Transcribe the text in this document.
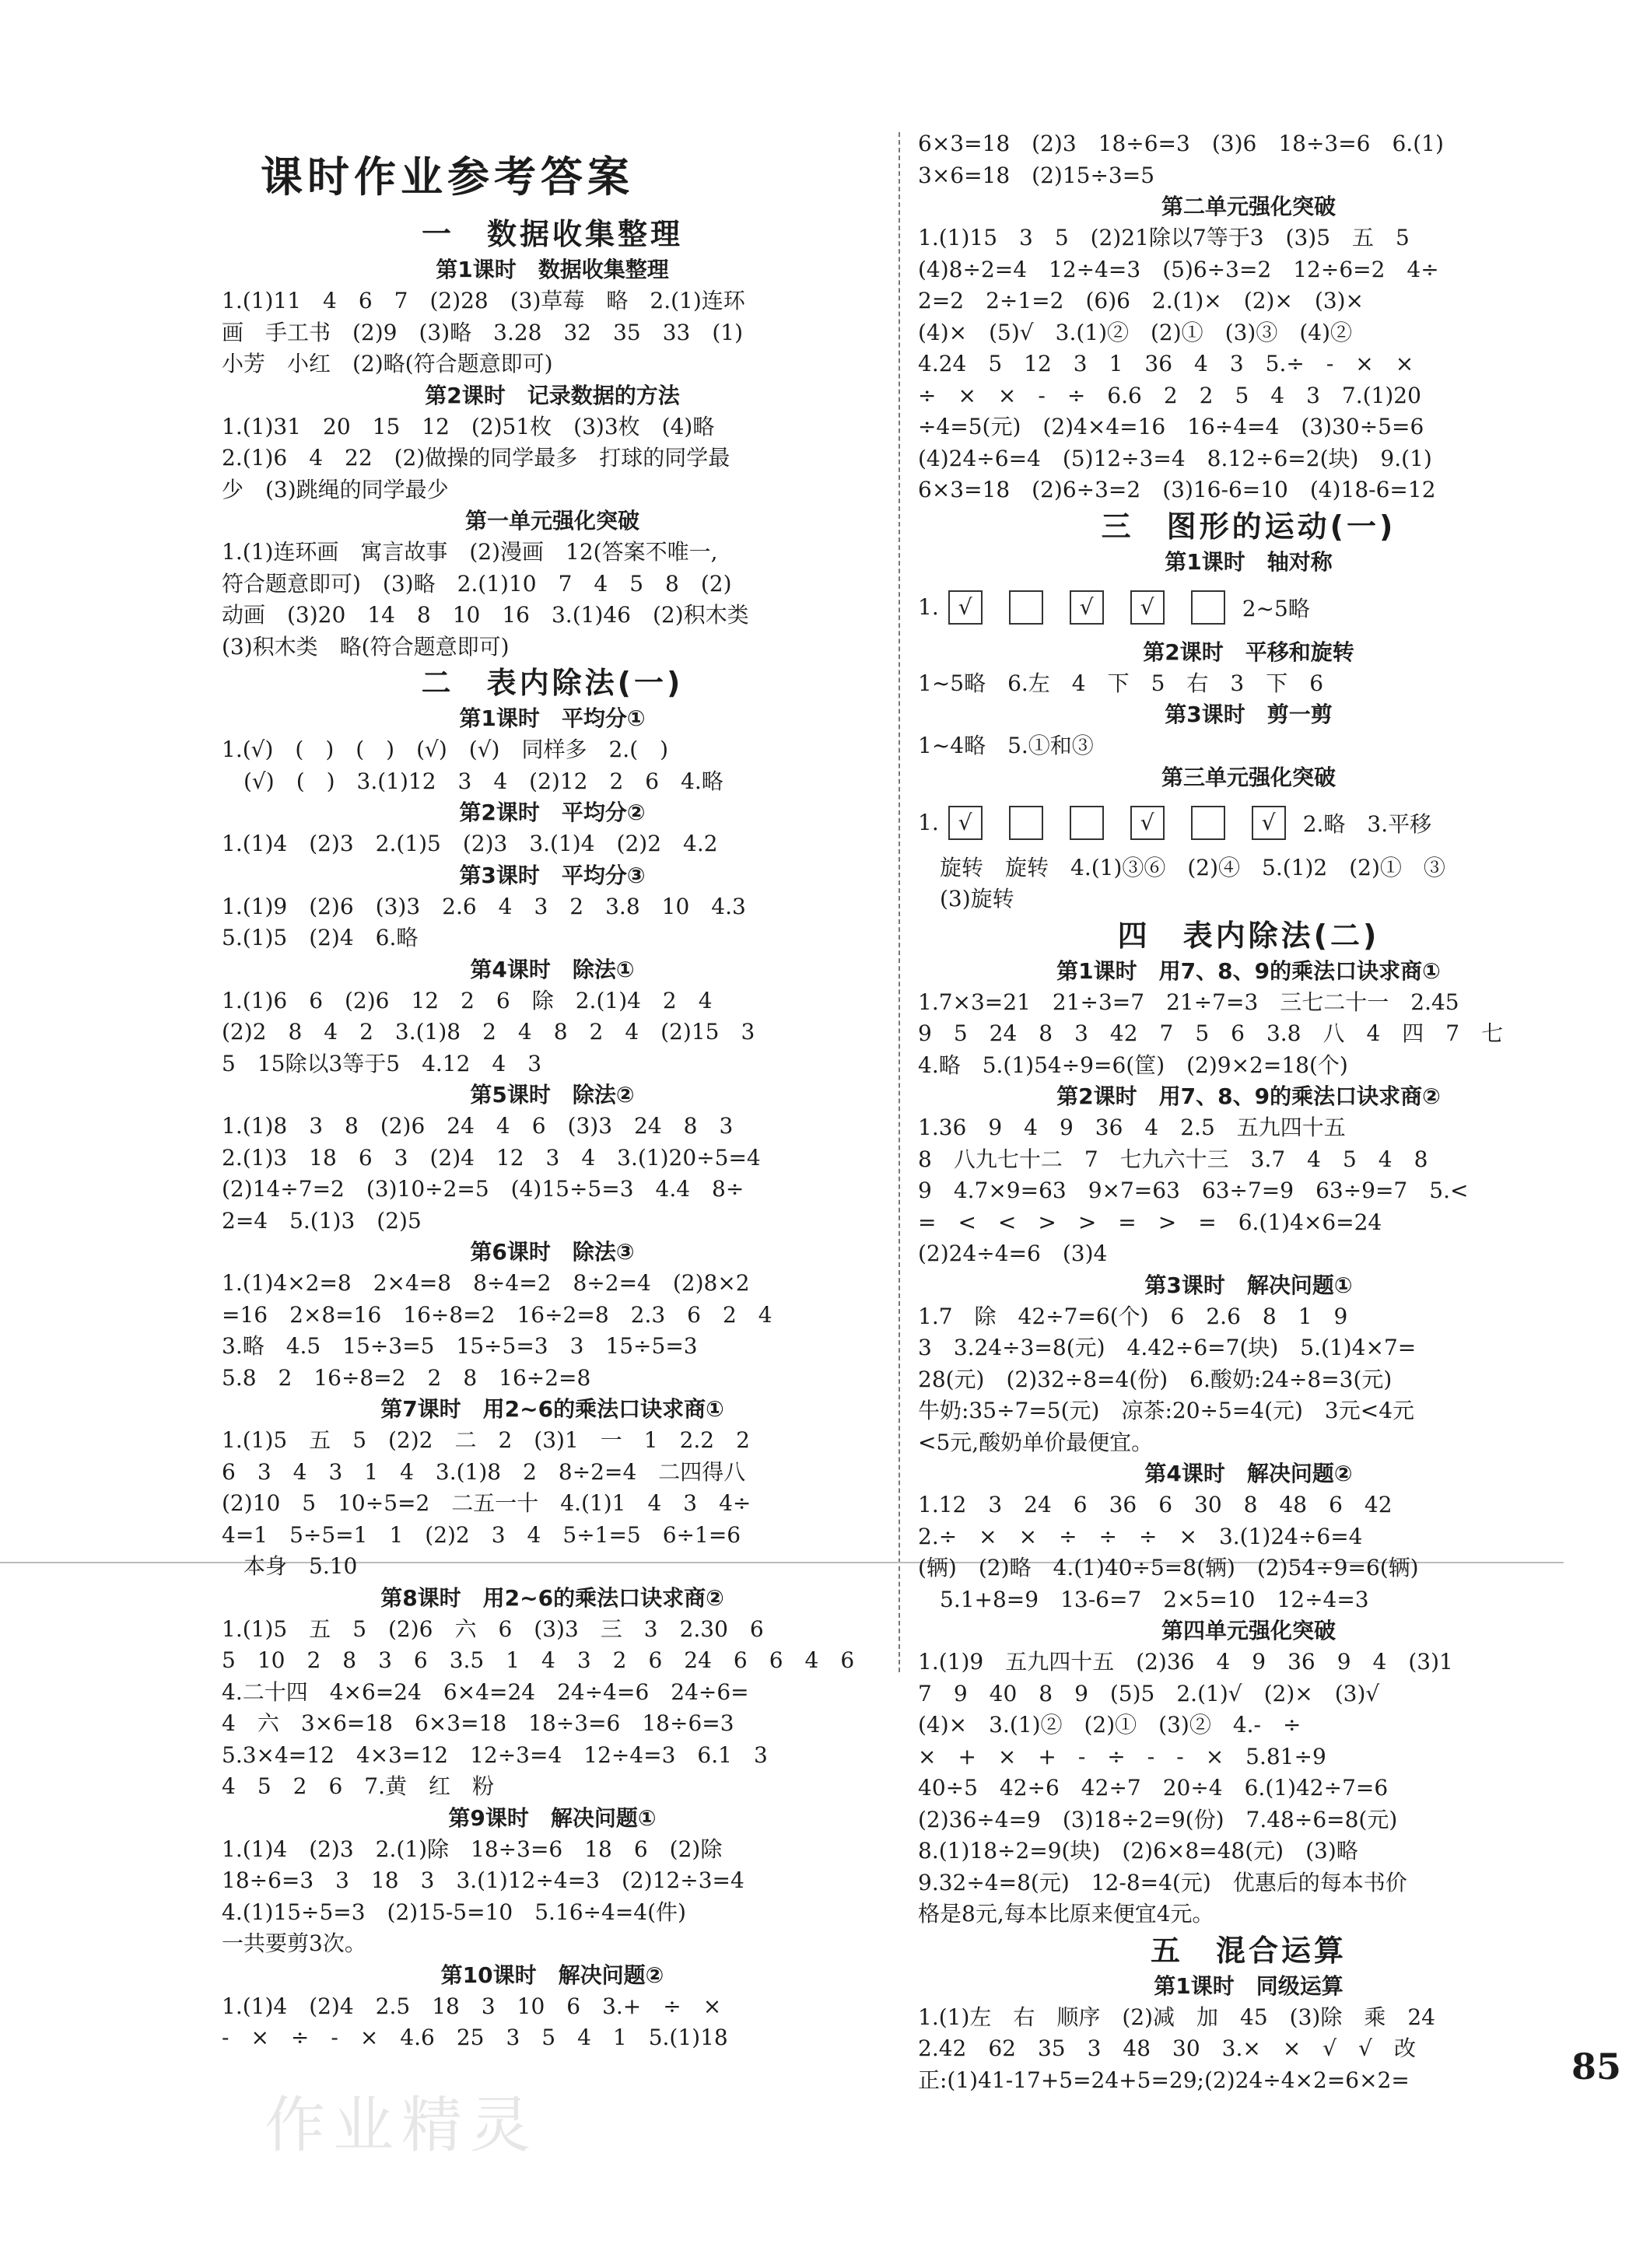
课时作业参考答案
一　数据收集整理
第1课时　数据收集整理
1.(1)11　4　6　7　(2)28　(3)草莓　略　2.(1)连环
画　手工书　(2)9　(3)略　3.28　32　35　33　(1)
小芳　小红　(2)略(符合题意即可)
第2课时　记录数据的方法
1.(1)31　20　15　12　(2)51枚　(3)3枚　(4)略
2.(1)6　4　22　(2)做操的同学最多　打球的同学最
少　(3)跳绳的同学最少
第一单元强化突破
1.(1)连环画　寓言故事　(2)漫画　12(答案不唯一,
符合题意即可)　(3)略　2.(1)10　7　4　5　8　(2)
动画　(3)20　14　8　10　16　3.(1)46　(2)积木类
(3)积木类　略(符合题意即可)
二　表内除法(一)
第1课时　平均分①
1.(√)　(　)　(　)　(√)　(√)　同样多　2.(　)
　(√)　(　)　3.(1)12　3　4　(2)12　2　6　4.略
第2课时　平均分②
1.(1)4　(2)3　2.(1)5　(2)3　3.(1)4　(2)2　4.2
第3课时　平均分③
1.(1)9　(2)6　(3)3　2.6　4　3　2　3.8　10　4.3
5.(1)5　(2)4　6.略
第4课时　除法①
1.(1)6　6　(2)6　12　2　6　除　2.(1)4　2　4
(2)2　8　4　2　3.(1)8　2　4　8　2　4　(2)15　3
5　15除以3等于5　4.12　4　3
第5课时　除法②
1.(1)8　3　8　(2)6　24　4　6　(3)3　24　8　3
2.(1)3　18　6　3　(2)4　12　3　4　3.(1)20÷5=4
(2)14÷7=2　(3)10÷2=5　(4)15÷5=3　4.4　8÷
2=4　5.(1)3　(2)5
第6课时　除法③
1.(1)4×2=8　2×4=8　8÷4=2　8÷2=4　(2)8×2
=16　2×8=16　16÷8=2　16÷2=8　2.3　6　2　4
3.略　4.5　15÷3=5　15÷5=3　3　15÷5=3
5.8　2　16÷8=2　2　8　16÷2=8
第7课时　用2~6的乘法口诀求商①
1.(1)5　五　5　(2)2　二　2　(3)1　一　1　2.2　2
6　3　4　3　1　4　3.(1)8　2　8÷2=4　二四得八
(2)10　5　10÷5=2　二五一十　4.(1)1　4　3　4÷
4=1　5÷5=1　1　(2)2　3　4　5÷1=5　6÷1=6
　本身　5.10
第8课时　用2~6的乘法口诀求商②
1.(1)5　五　5　(2)6　六　6　(3)3　三　3　2.30　6
5　10　2　8　3　6　3.5　1　4　3　2　6　24　6　6　4　6
4.二十四　4×6=24　6×4=24　24÷4=6　24÷6=
4　六　3×6=18　6×3=18　18÷3=6　18÷6=3
5.3×4=12　4×3=12　12÷3=4　12÷4=3　6.1　3
4　5　2　6　7.黄　红　粉
第9课时　解决问题①
1.(1)4　(2)3　2.(1)除　18÷3=6　18　6　(2)除
18÷6=3　3　18　3　3.(1)12÷4=3　(2)12÷3=4
4.(1)15÷5=3　(2)15-5=10　5.16÷4=4(件)
一共要剪3次。
第10课时　解决问题②
1.(1)4　(2)4　2.5　18　3　10　6　3.+　÷　×
-　×　÷　-　×　4.6　25　3　5　4　1　5.(1)18
6×3=18　(2)3　18÷6=3　(3)6　18÷3=6　6.(1)
3×6=18　(2)15÷3=5
第二单元强化突破
1.(1)15　3　5　(2)21除以7等于3　(3)5　五　5
(4)8÷2=4　12÷4=3　(5)6÷3=2　12÷6=2　4÷
2=2　2÷1=2　(6)6　2.(1)×　(2)×　(3)×
(4)×　(5)√　3.(1)②　(2)①　(3)③　(4)②
4.24　5　12　3　1　36　4　3　5.÷　-　×　×
÷　×　×　-　÷　6.6　2　2　5　4　3　7.(1)20
÷4=5(元)　(2)4×4=16　16÷4=4　(3)30÷5=6
(4)24÷6=4　(5)12÷3=4　8.12÷6=2(块)　9.(1)
6×3=18　(2)6÷3=2　(3)16-6=10　(4)18-6=12
三　图形的运动(一)
第1课时　轴对称
1. √	√	√	2~5略
第2课时　平移和旋转
1~5略　6.左　4　下　5　右　3　下　6
第3课时　剪一剪
1~4略　5.①和③
第三单元强化突破
1. √	√	√	2.略　3.平移
　旋转　旋转　4.(1)③⑥　(2)④　5.(1)2　(2)①　③
　(3)旋转
四　表内除法(二)
第1课时　用7、8、9的乘法口诀求商①
1.7×3=21　21÷3=7　21÷7=3　三七二十一　2.45
9　5　24　8　3　42　7　5　6　3.8　八　4　四　7　七
4.略　5.(1)54÷9=6(筐)　(2)9×2=18(个)
第2课时　用7、8、9的乘法口诀求商②
1.36　9　4　9　36　4　2.5　五九四十五
8　八九七十二　7　七九六十三　3.7　4　5　4　8
9　4.7×9=63　9×7=63　63÷7=9　63÷9=7　5.<
=　<　<　>　>　=　>　=　6.(1)4×6=24
(2)24÷4=6　(3)4
第3课时　解决问题①
1.7　除　42÷7=6(个)　6　2.6　8　1　9
3　3.24÷3=8(元)　4.42÷6=7(块)　5.(1)4×7=
28(元)　(2)32÷8=4(份)　6.酸奶:24÷8=3(元)
牛奶:35÷7=5(元)　凉茶:20÷5=4(元)　3元<4元
<5元,酸奶单价最便宜。
第4课时　解决问题②
1.12　3　24　6　36　6　30　8　48　6　42
2.÷　×　×　÷　÷　÷　×　3.(1)24÷6=4
(辆)　(2)略　4.(1)40÷5=8(辆)　(2)54÷9=6(辆)
　5.1+8=9　13-6=7　2×5=10　12÷4=3
第四单元强化突破
1.(1)9　五九四十五　(2)36　4　9　36　9　4　(3)1
7　9　40　8　9　(5)5　2.(1)√　(2)×　(3)√
(4)×　3.(1)②　(2)①　(3)②　4.-　÷
×　+　×　+　-　÷　-　-　×　5.81÷9
40÷5　42÷6　42÷7　20÷4　6.(1)42÷7=6
(2)36÷4=9　(3)18÷2=9(份)　7.48÷6=8(元)
8.(1)18÷2=9(块)　(2)6×8=48(元)　(3)略
9.32÷4=8(元)　12-8=4(元)　优惠后的每本书价
格是8元,每本比原来便宜4元。
五　混合运算
第1课时　同级运算
1.(1)左　右　顺序　(2)减　加　45　(3)除　乘　24
2.42　62　35　3　48　30　3.×　×　√　√　改
正:(1)41-17+5=24+5=29;(2)24÷4×2=6×2=	85
作业精灵
